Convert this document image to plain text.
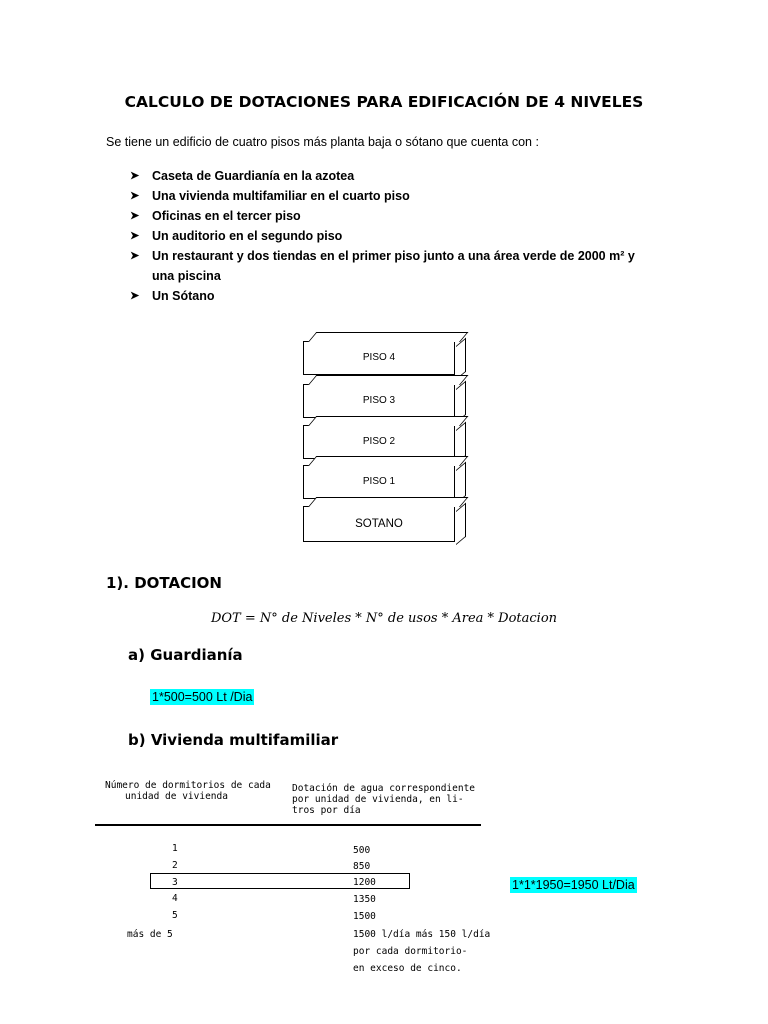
CALCULO DE DOTACIONES PARA EDIFICACIÓN DE 4 NIVELES
Se tiene un edificio de cuatro pisos más planta baja o sótano que cuenta con :
➤ Caseta de Guardianía en la azotea
➤ Una vivienda multifamiliar en el cuarto piso
➤ Oficinas en el tercer piso
➤ Un auditorio en el segundo piso
➤ Un restaurant y dos tiendas en el primer piso junto a una área verde de 2000 m² y una piscina
➤ Un Sótano
PISO 4
PISO 3
PISO 2
PISO 1
SOTANO
1). DOTACION
DOT = N° de Niveles * N° de usos * Area * Dotacion
a) Guardianía
1*500=500 Lt /Dia
b) Vivienda multifamiliar
Número de dormitorios de cada
unidad de vivienda
Dotación de agua correspondiente
por unidad de vivienda, en li-
tros por día
1	500
2	850
3	1200
4	1350
5	1500
más de 5	1500 l/día más 150 l/día
por cada dormitorio-
en exceso de cinco.
1*1*1950=1950 Lt/Dia
